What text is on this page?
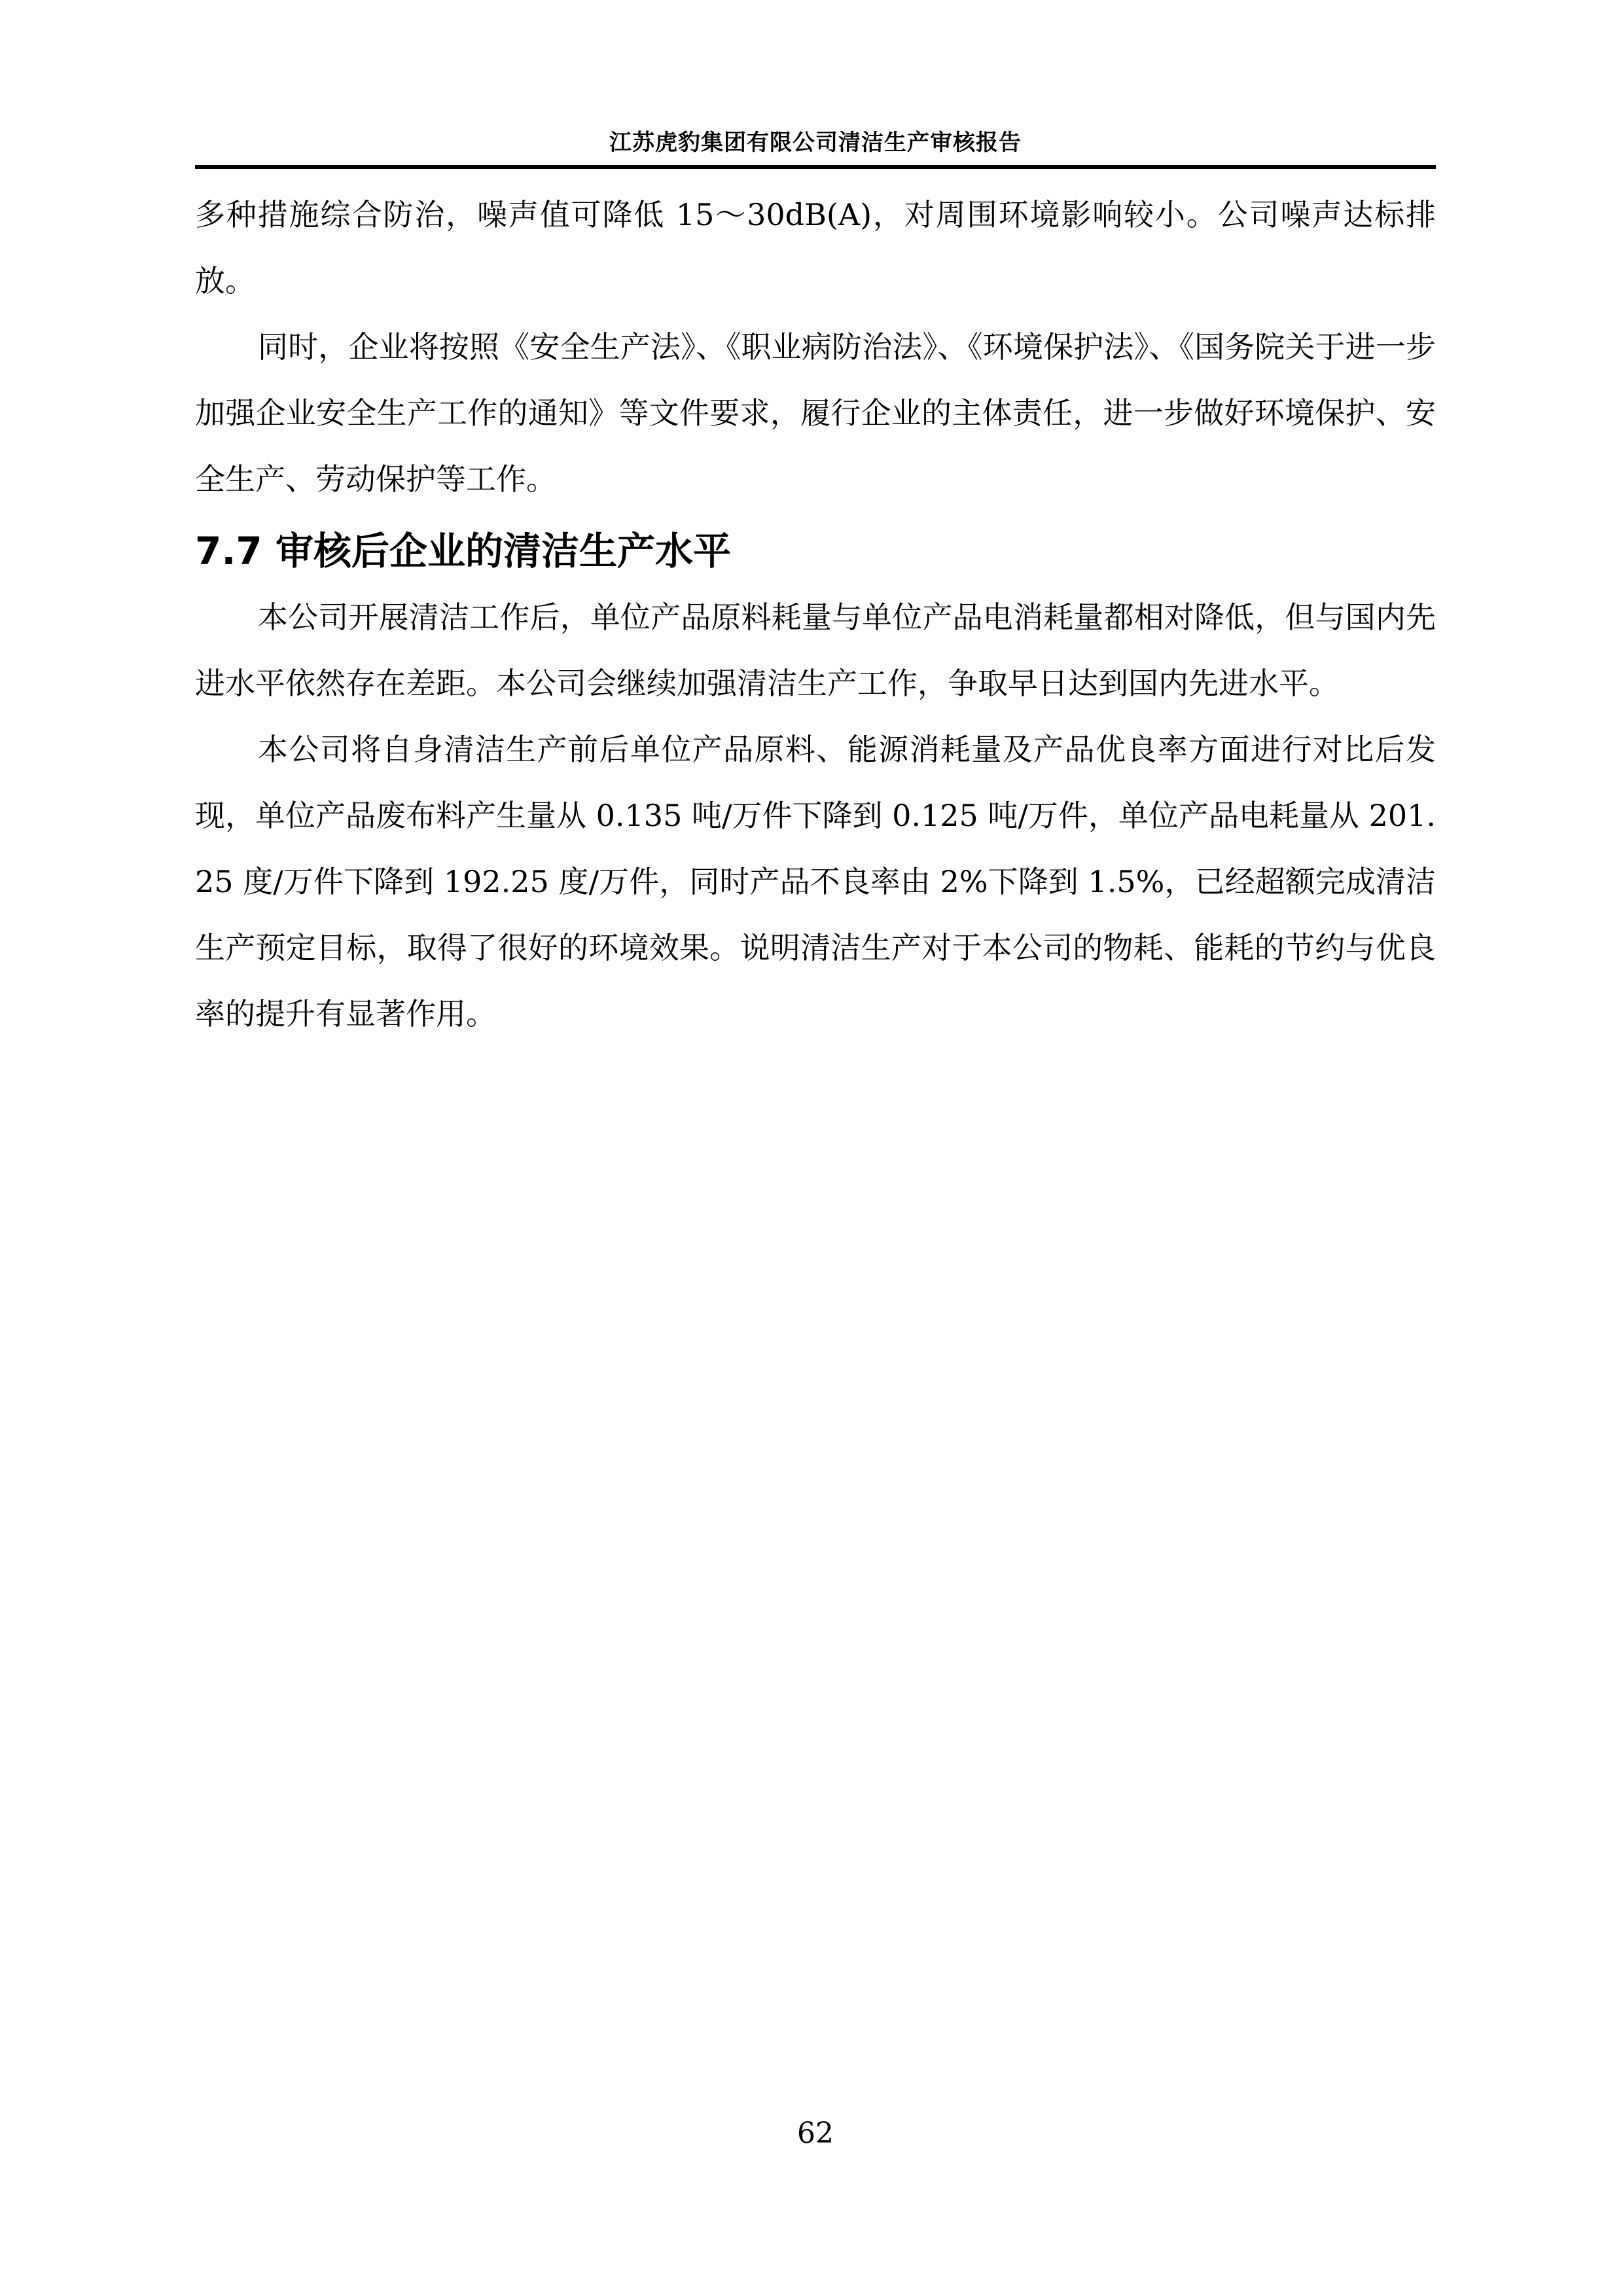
江苏虎豹集团有限公司清洁生产审核报告

多种措施综合防治，噪声值可降低 15～30dB(A)，对周围环境影响较小。公司噪声达标排放。

同时，企业将按照《安全生产法》、《职业病防治法》、《环境保护法》、《国务院关于进一步加强企业安全生产工作的通知》等文件要求，履行企业的主体责任，进一步做好环境保护、安全生产、劳动保护等工作。

7.7 审核后企业的清洁生产水平

本公司开展清洁工作后，单位产品原料耗量与单位产品电消耗量都相对降低，但与国内先进水平依然存在差距。本公司会继续加强清洁生产工作，争取早日达到国内先进水平。

本公司将自身清洁生产前后单位产品原料、能源消耗量及产品优良率方面进行对比后发现，单位产品废布料产生量从 0.135 吨/万件下降到 0.125 吨/万件，单位产品电耗量从 201.25 度/万件下降到 192.25 度/万件，同时产品不良率由 2%下降到 1.5%，已经超额完成清洁生产预定目标，取得了很好的环境效果。说明清洁生产对于本公司的物耗、能耗的节约与优良率的提升有显著作用。

62
